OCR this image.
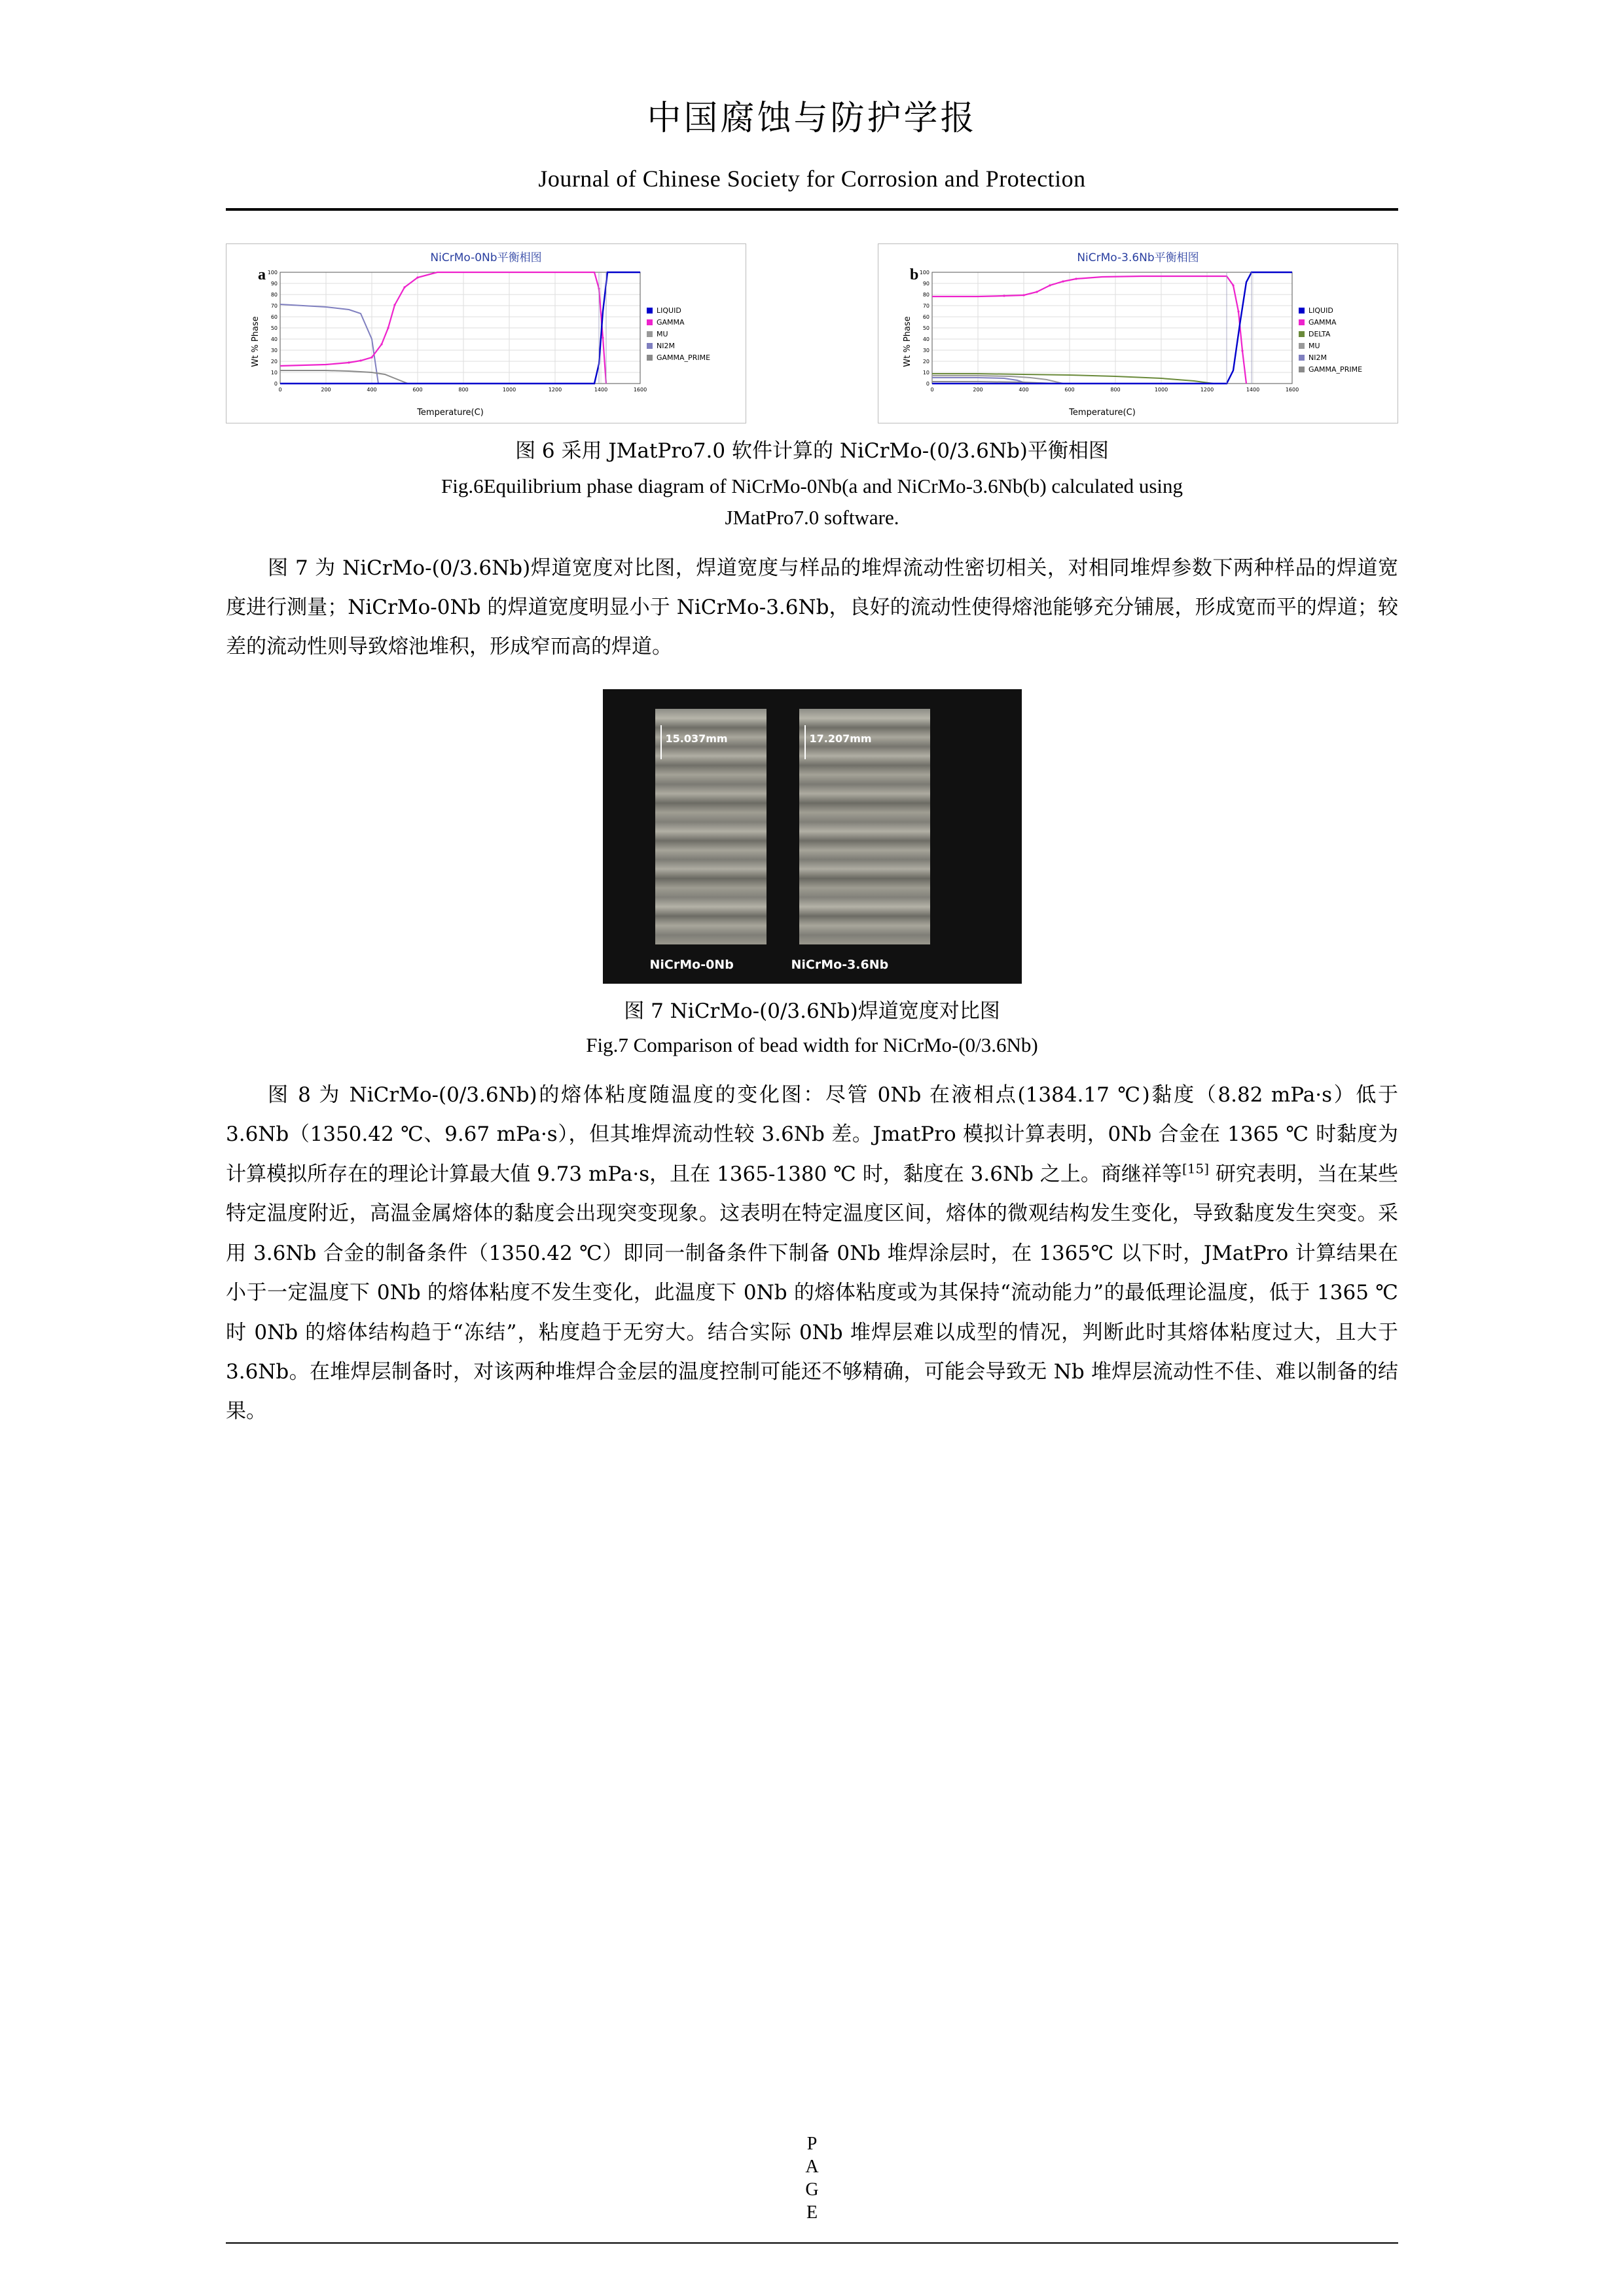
中国腐蚀与防护学报
Journal of Chinese Society for Corrosion and Protection
NiCrMo-0Nb平衡相图
a
Wt % Phase
100
90
80
70
60
50
40
30
20
10
0
0	200	400	600	800	1000	1200	1400	1600
Temperature(C)
LIQUID
GAMMA
MU
NI2M
GAMMA_PRIME
NiCrMo-3.6Nb平衡相图
b
Wt % Phase
100
90
80
70
60
50
40
30
20
10
0
0	200	400	600	800	1000	1200	1400	1600
Temperature(C)
LIQUID
GAMMA
DELTA
MU
NI2M
GAMMA_PRIME
图 6 采用 JMatPro7.0 软件计算的 NiCrMo-(0/3.6Nb)平衡相图
Fig.6Equilibrium phase diagram of NiCrMo-0Nb(a and NiCrMo-3.6Nb(b) calculated using
JMatPro7.0 software.

图 7 为 NiCrMo-(0/3.6Nb)焊道宽度对比图，焊道宽度与样品的堆焊流动性密切相关，对相同堆焊参数下两种样品的焊道宽度进行测量；NiCrMo-0Nb 的焊道宽度明显小于 NiCrMo-3.6Nb，良好的流动性使得熔池能够充分铺展，形成宽而平的焊道；较差的流动性则导致熔池堆积，形成窄而高的焊道。

15.037mm	17.207mm
NiCrMo-0Nb	NiCrMo-3.6Nb
图 7 NiCrMo-(0/3.6Nb)焊道宽度对比图
Fig.7 Comparison of bead width for NiCrMo-(0/3.6Nb)

图 8 为 NiCrMo-(0/3.6Nb)的熔体粘度随温度的变化图：尽管 0Nb 在液相点(1384.17 ℃)黏度（8.82 mPa·s）低于 3.6Nb（1350.42 ℃、9.67 mPa·s），但其堆焊流动性较 3.6Nb 差。JmatPro 模拟计算表明，0Nb 合金在 1365 ℃ 时黏度为计算模拟所存在的理论计算最大值 9.73 mPa·s，且在 1365-1380 ℃ 时，黏度在 3.6Nb 之上。商继祥等[15] 研究表明，当在某些特定温度附近，高温金属熔体的黏度会出现突变现象。这表明在特定温度区间，熔体的微观结构发生变化，导致黏度发生突变。采用 3.6Nb 合金的制备条件（1350.42 ℃）即同一制备条件下制备 0Nb 堆焊涂层时，在 1365℃ 以下时，JMatPro 计算结果在小于一定温度下 0Nb 的熔体粘度不发生变化，此温度下 0Nb 的熔体粘度或为其保持“流动能力”的最低理论温度，低于 1365 ℃ 时 0Nb 的熔体结构趋于“冻结”，粘度趋于无穷大。结合实际 0Nb 堆焊层难以成型的情况，判断此时其熔体粘度过大，且大于 3.6Nb。在堆焊层制备时，对该两种堆焊合金层的温度控制可能还不够精确，可能会导致无 Nb 堆焊层流动性不佳、难以制备的结果。

P
A
G
E
